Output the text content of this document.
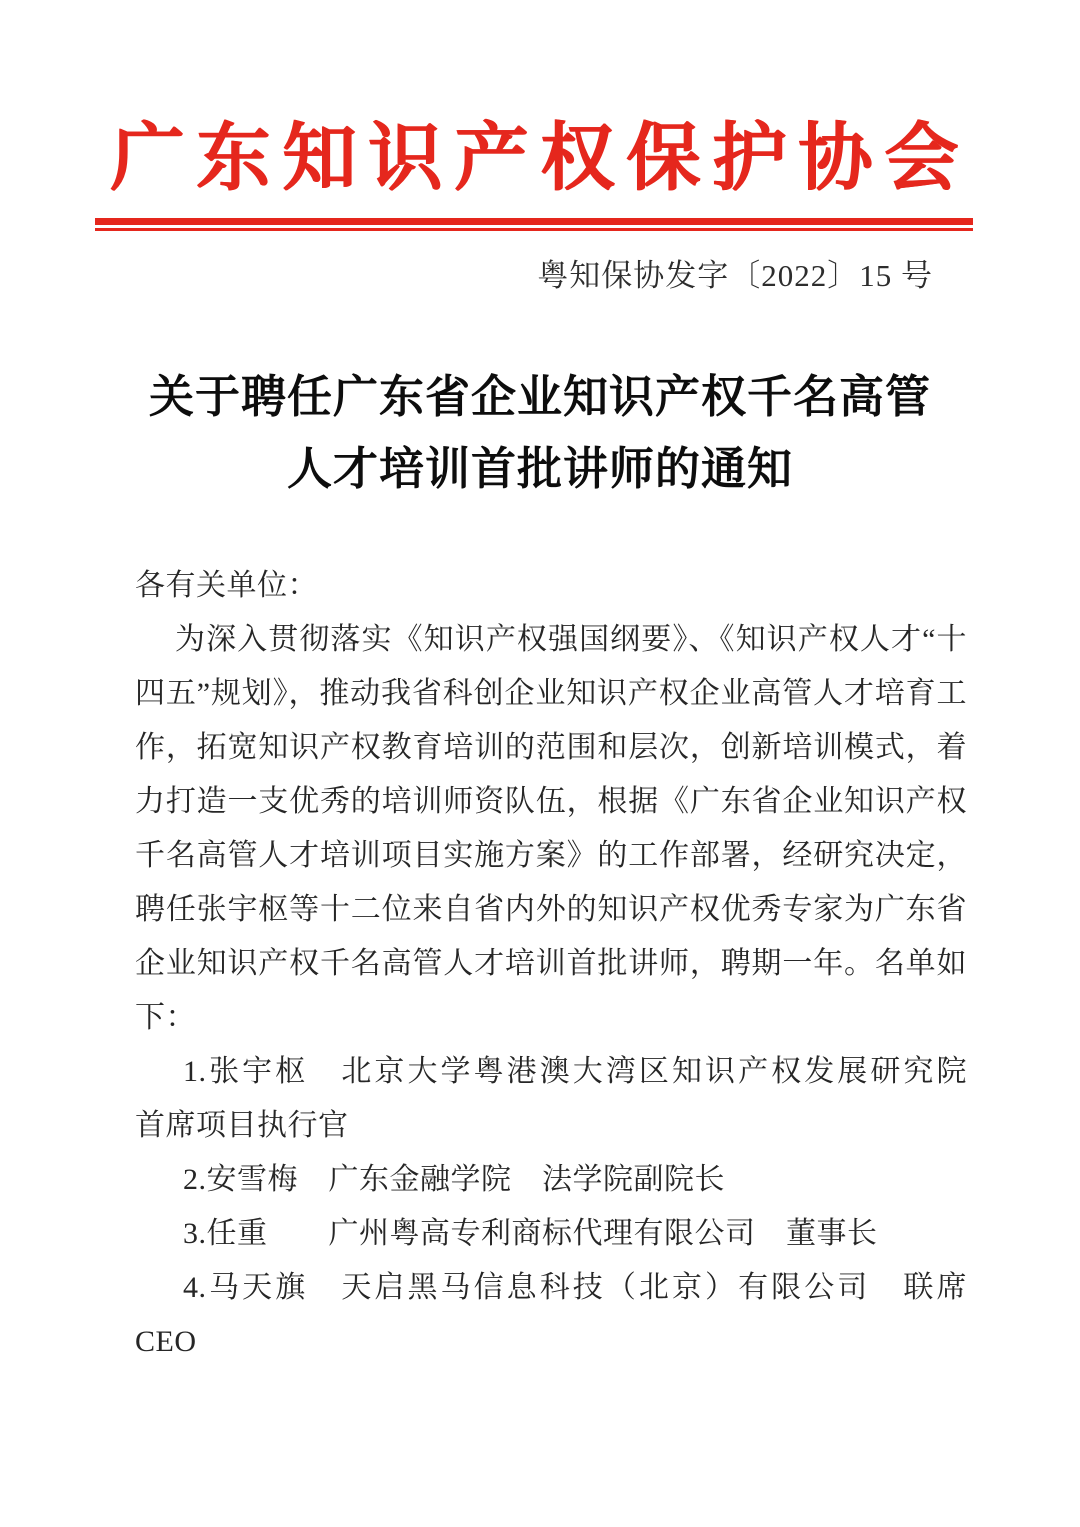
广东知识产权保护协会
粤知保协发字〔2022〕15 号
关于聘任广东省企业知识产权千名高管
人才培训首批讲师的通知

各有关单位：

为深入贯彻落实《知识产权强国纲要》、《知识产权人才“十四五”规划》，推动我省科创企业知识产权企业高管人才培育工作，拓宽知识产权教育培训的范围和层次，创新培训模式，着力打造一支优秀的培训师资队伍，根据《广东省企业知识产权千名高管人才培训项目实施方案》的工作部署，经研究决定，聘任张宇枢等十二位来自省内外的知识产权优秀专家为广东省企业知识产权千名高管人才培训首批讲师，聘期一年。名单如下：

1.张宇枢　北京大学粤港澳大湾区知识产权发展研究院　首席项目执行官

2.安雪梅　广东金融学院　法学院副院长

3.任重　　广州粤高专利商标代理有限公司　董事长

4.马天旗　天启黑马信息科技（北京）有限公司　联席 CEO
